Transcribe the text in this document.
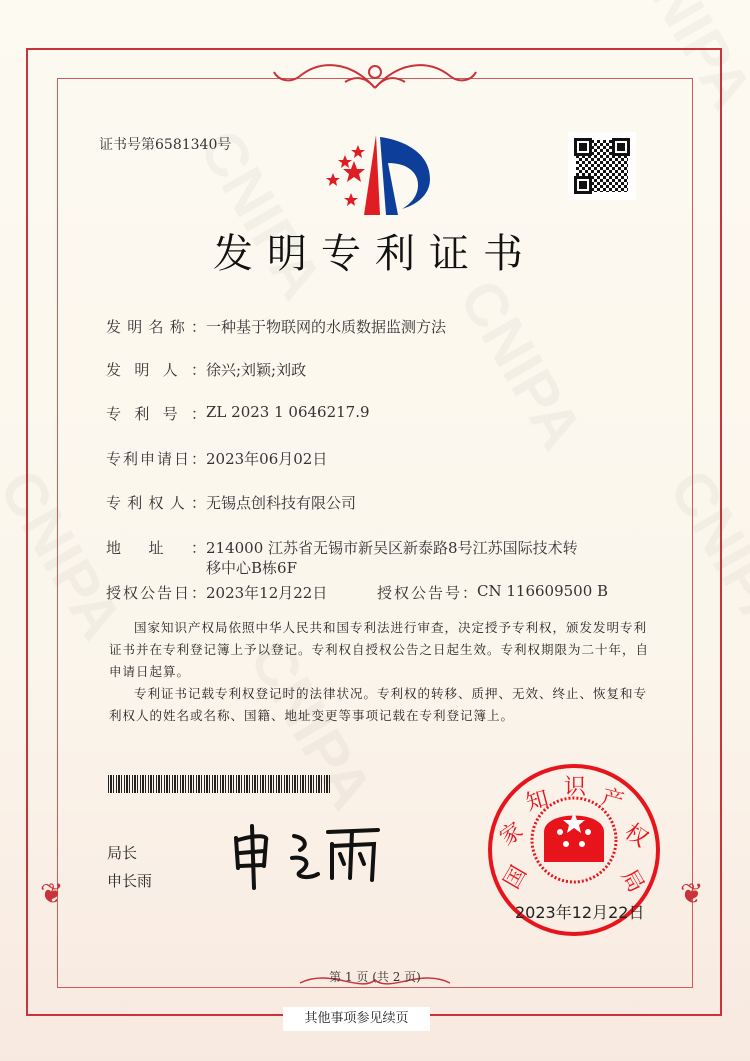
❦	❦
证书号第6581340号
发明专利证书
发明名称：一种基于物联网的水质数据监测方法
发明人：徐兴;刘颖;刘政
专利号：ZL 2023 1 0646217.9
专利申请日：2023年06月02日
专利权人：无锡点创科技有限公司
地址：214000 江苏省无锡市新吴区新泰路8号江苏国际技术转
移中心B栋6F
授权公告日：2023年12月22日	授权公告号：CN 116609500 B
国家知识产权局依照中华人民共和国专利法进行审查，决定授予专利权，颁发发明专利证书并在专利登记簿上予以登记。专利权自授权公告之日起生效。专利权期限为二十年，自申请日起算。
专利证书记载专利权登记时的法律状况。专利权的转移、质押、无效、终止、恢复和专利权人的姓名或名称、国籍、地址变更等事项记载在专利登记簿上。
局长
申长雨	国
家
知 识 产
权
局
2023年12月22日
第 1 页 (共 2 页)
其他事项参见续页
